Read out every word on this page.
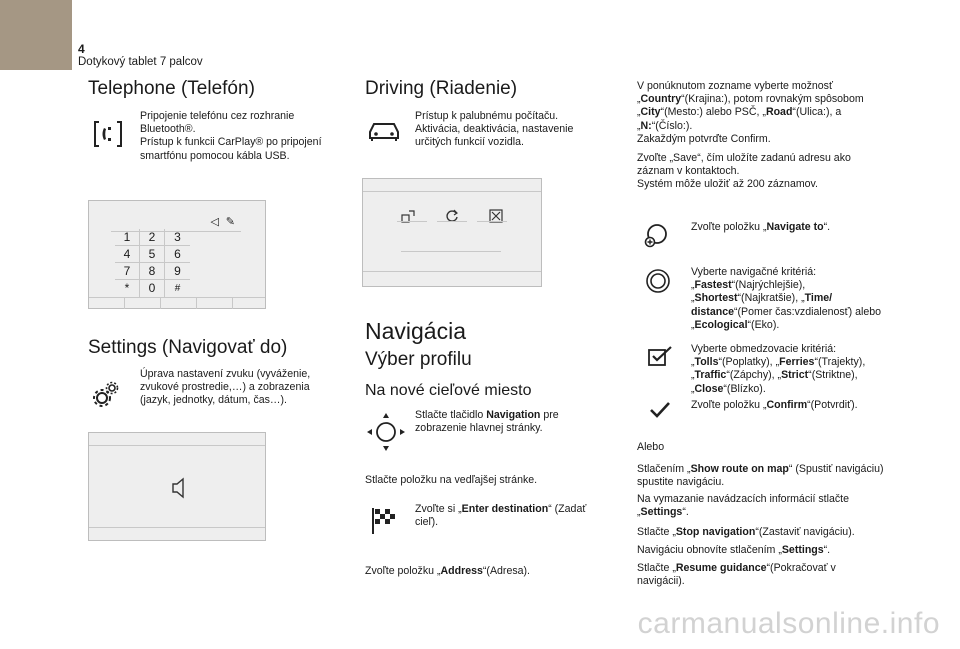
4
Dotykový tablet 7 palcov
Telephone (Telefón)
Pripojenie telefónu cez rozhranie
Bluetooth®.
Prístup k funkcii CarPlay® po pripojení
smartfónu pomocou kábla USB.
◁ ✎
1	2	3
4	5	6
7	8	9
*	0	#
Settings (Navigovať do)
Úprava nastavení zvuku (vyváženie,
zvukové prostredie,…) a zobrazenia
(jazyk, jednotky, dátum, čas…).
Driving (Riadenie)
Prístup k palubnému počítaču.
Aktivácia, deaktivácia, nastavenie
určitých funkcií vozidla.
Navigácia
Výber profilu
Na nové cieľové miesto
Stlačte tlačidlo Navigation pre
zobrazenie hlavnej stránky.
Stlačte položku na vedľajšej stránke.
Zvoľte si „Enter destination“ (Zadať
cieľ).
Zvoľte položku „Address“(Adresa).
V ponúknutom zozname vyberte možnosť
„Country“(Krajina:), potom rovnakým spôsobom
„City“(Mesto:) alebo PSČ, „Road“(Ulica:), a
„N:“(Číslo:).
Zakaždým potvrďte Confirm.
Zvoľte „Save“, čím uložíte zadanú adresu ako
záznam v kontaktoch.
Systém môže uložiť až 200 záznamov.
Zvoľte položku „Navigate to“.
Vyberte navigačné kritériá:
„Fastest“(Najrýchlejšie),
„Shortest“(Najkratšie), „Time/
distance“(Pomer čas:vzdialenosť) alebo
„Ecological“(Eko).
Vyberte obmedzovacie kritériá:
„Tolls“(Poplatky), „Ferries“(Trajekty),
„Traffic“(Zápchy), „Strict“(Striktne),
„Close“(Blízko).
Zvoľte položku „Confirm“(Potvrdiť).
Alebo
Stlačením „Show route on map“ (Spustiť navigáciu)
spustite navigáciu.
Na vymazanie navádzacích informácií stlačte
„Settings“.
Stlačte „Stop navigation“(Zastaviť navigáciu).
Navigáciu obnovíte stlačením „Settings“.
Stlačte „Resume guidance“(Pokračovať v
navigácii).
carmanualsonline.info
